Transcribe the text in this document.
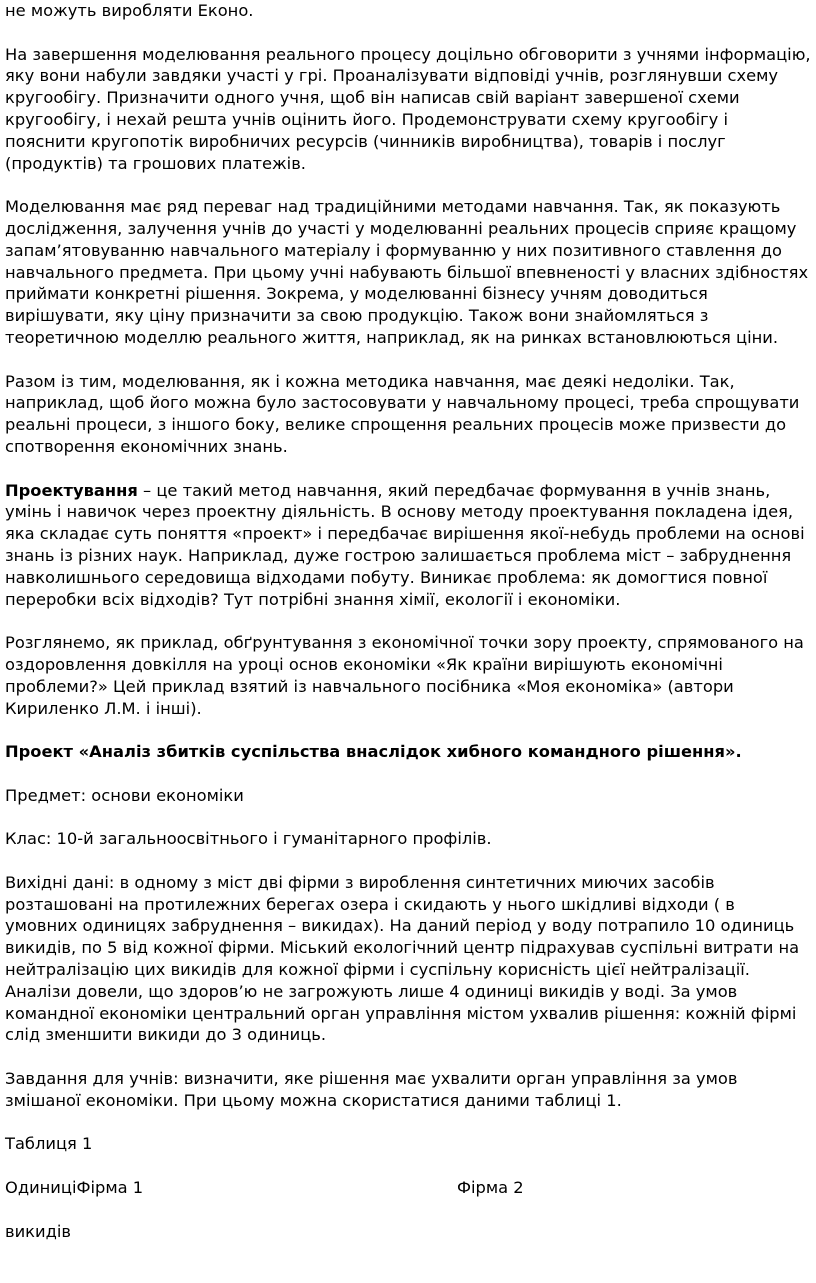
не можуть виробляти Еконо.

На завершення моделювання реального процесу доцільно обговорити з учнями інформацію, яку вони набули завдяки участі у грі. Проаналізувати відповіді учнів, розглянувши схему кругообігу. Призначити одного учня, щоб він написав свій варіант завершеної схеми кругообігу, і нехай решта учнів оцінить його. Продемонструвати схему кругообігу і пояснити кругопотік виробничих ресурсів (чинників виробництва), товарів і послуг (продуктів) та грошових платежів.

Моделювання має ряд переваг над традиційними методами навчання. Так, як показують дослідження, залучення учнів до участі у моделюванні реальних процесів сприяє кращому запам’ятовуванню навчального матеріалу і формуванню у них позитивного ставлення до навчального предмета. При цьому учні набувають більшої впевненості у власних здібностях приймати конкретні рішення. Зокрема, у моделюванні бізнесу учням доводиться вирішувати, яку ціну призначити за свою продукцію. Також вони знайомляться з теоретичною моделлю реального життя, наприклад, як на ринках встановлюються ціни.

Разом із тим, моделювання, як і кожна методика навчання, має деякі недоліки. Так, наприклад, щоб його можна було застосовувати у навчальному процесі, треба спрощувати реальні процеси, з іншого боку, велике спрощення реальних процесів може призвести до спотворення економічних знань.

Проектування – це такий метод навчання, який передбачає формування в учнів знань, умінь і навичок через проектну діяльність. В основу методу проектування покладена ідея, яка складає суть поняття «проект» і передбачає вирішення якої-небудь проблеми на основі знань із різних наук. Наприклад, дуже гострою залишається проблема міст – забруднення навколишнього середовища відходами побуту. Виникає проблема: як домогтися повної переробки всіх відходів? Тут потрібні знання хімії, екології і економіки.

Розглянемо, як приклад, обґрунтування з економічної точки зору проекту, спрямованого на оздоровлення довкілля на уроці основ економіки «Як країни вирішують економічні проблеми?» Цей приклад взятий із навчального посібника «Моя економіка» (автори Кириленко Л.М. і інші).

Проект «Аналіз збитків суспільства внаслідок хибного командного рішення».

Предмет: основи економіки

Клас: 10-й загальноосвітнього і гуманітарного профілів.

Вихідні дані: в одному з міст дві фірми з вироблення синтетичних миючих засобів розташовані на протилежних берегах озера і скидають у нього шкідливі відходи ( в умовних одиницях забруднення – викидах). На даний період у воду потрапило 10 одиниць викидів, по 5 від кожної фірми. Міський екологічний центр підрахував суспільні витрати на нейтралізацію цих викидів для кожної фірми і суспільну корисність цієї нейтралізації. Аналізи довели, що здоров’ю не загрожують лише 4 одиниці викидів у воді. За умов командної економіки центральний орган управління містом ухвалив рішення: кожній фірмі слід зменшити викиди до 3 одиниць.

Завдання для учнів: визначити, яке рішення має ухвалити орган управління за умов змішаної економіки. При цьому можна скористатися даними таблиці 1.

Таблиця 1

ОдиниціФірма 1	Фірма 2

викидів
